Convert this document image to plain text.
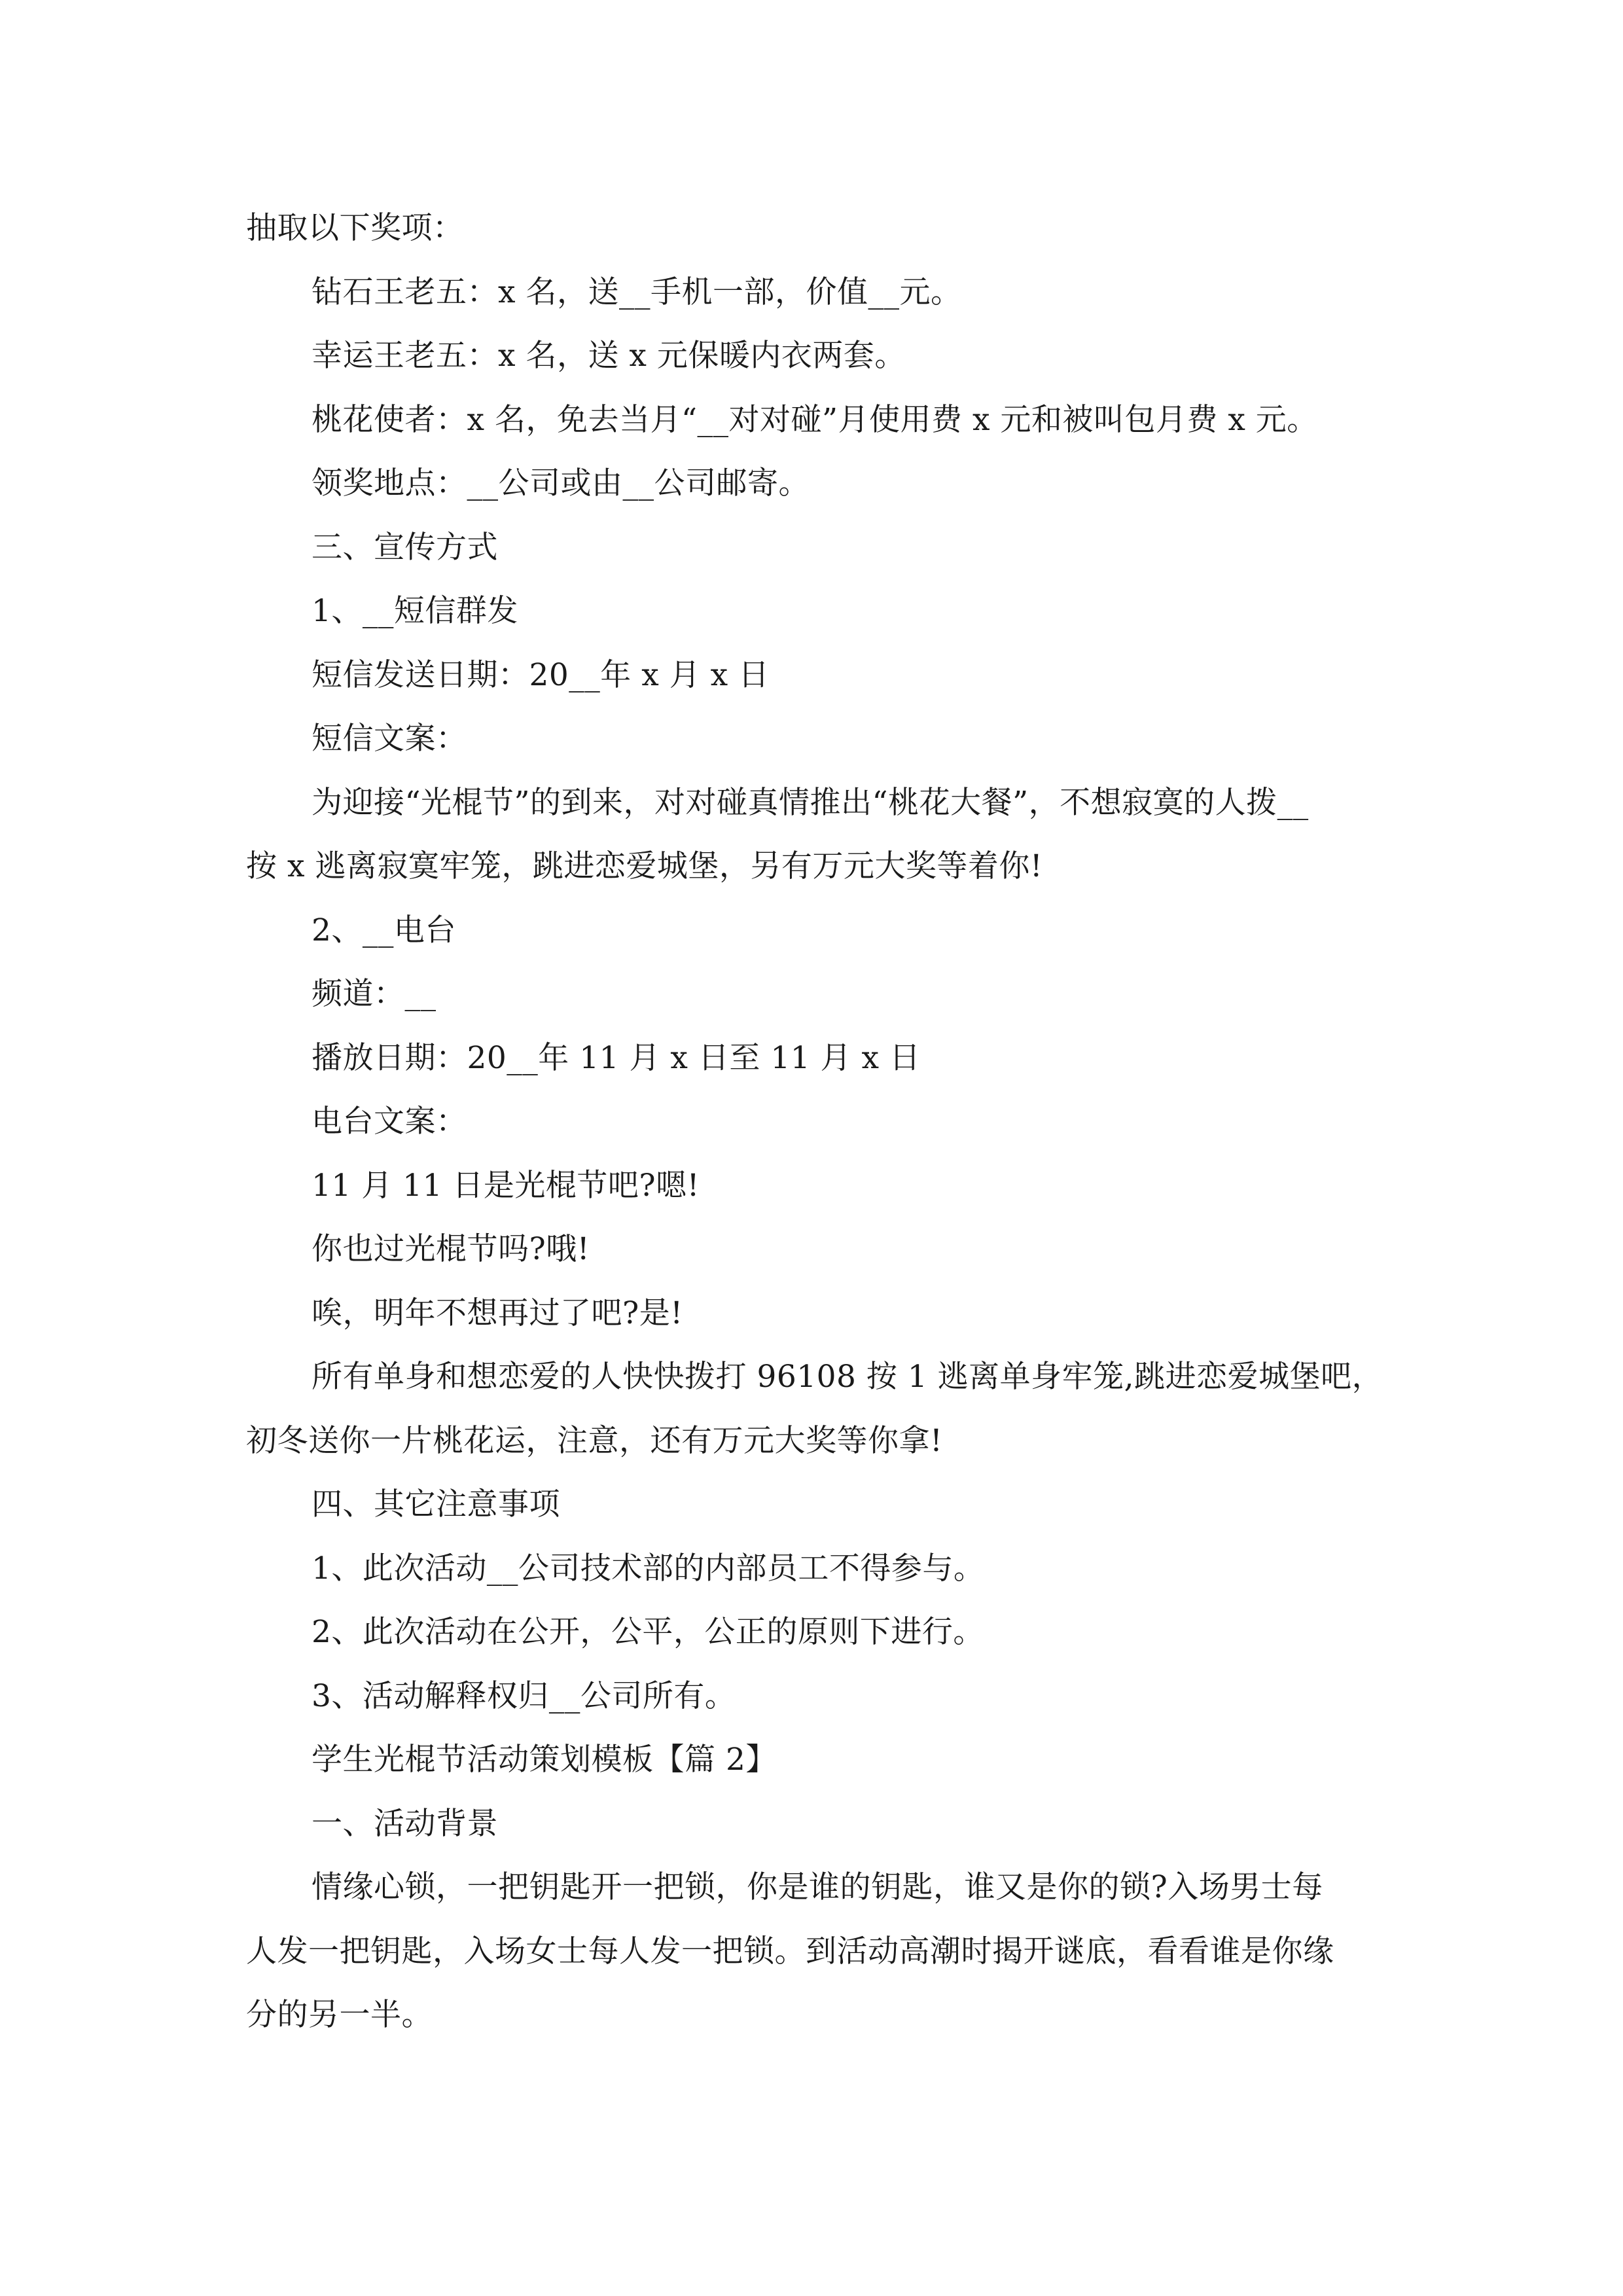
抽取以下奖项：
钻石王老五：x 名，送__手机一部，价值__元。
幸运王老五：x 名，送 x 元保暖内衣两套。
桃花使者：x 名，免去当月“__对对碰”月使用费 x 元和被叫包月费 x 元。
领奖地点：__公司或由__公司邮寄。
三、宣传方式
1、__短信群发
短信发送日期：20__年 x 月 x 日
短信文案：
为迎接“光棍节”的到来，对对碰真情推出“桃花大餐”，不想寂寞的人拨__
按 x 逃离寂寞牢笼，跳进恋爱城堡，另有万元大奖等着你!
2、__电台
频道：__
播放日期：20__年 11 月 x 日至 11 月 x 日
电台文案：
11 月 11 日是光棍节吧?嗯!
你也过光棍节吗?哦!
唉，明年不想再过了吧?是!
所有单身和想恋爱的人快快拨打 96108 按 1 逃离单身牢笼,跳进恋爱城堡吧，
初冬送你一片桃花运，注意，还有万元大奖等你拿!
四、其它注意事项
1、此次活动__公司技术部的内部员工不得参与。
2、此次活动在公开，公平，公正的原则下进行。
3、活动解释权归__公司所有。
学生光棍节活动策划模板【篇 2】
一、活动背景
情缘心锁，一把钥匙开一把锁，你是谁的钥匙，谁又是你的锁?入场男士每
人发一把钥匙，入场女士每人发一把锁。到活动高潮时揭开谜底，看看谁是你缘
分的另一半。
